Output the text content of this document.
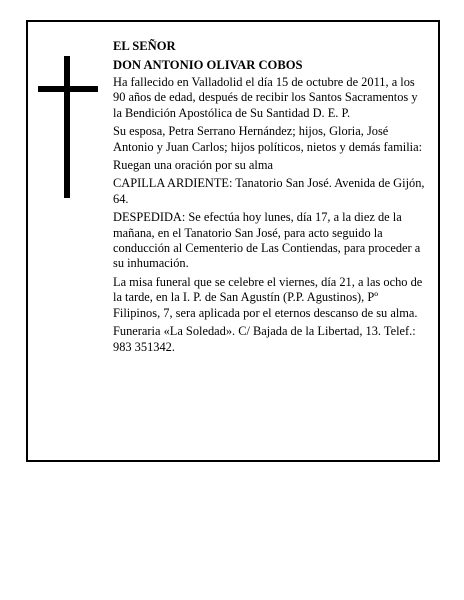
EL SEÑOR

DON ANTONIO OLIVAR COBOS

Ha fallecido en Valladolid el día 15 de octubre de 2011, a los 90 años de edad, después de recibir los Santos Sacramentos y la Bendición Apostólica de Su Santidad D. E. P.

Su esposa, Petra Serrano Hernández; hijos, Gloria, José Antonio y Juan Carlos; hijos políticos, nietos y demás familia:

Ruegan una oración por su alma

CAPILLA ARDIENTE: Tanatorio San José. Avenida de Gijón, 64.

DESPEDIDA: Se efectúa hoy lunes, día 17, a la diez de la mañana, en el Tanatorio San José, para acto seguido la conducción al Cementerio de Las Contiendas, para proceder a su inhumación.

La misa funeral que se celebre el viernes, día 21, a las ocho de la tarde, en la I. P. de San Agustín (P.P. Agustinos), Pº Filipinos, 7, sera aplicada por el eternos descanso de su alma.

Funeraria «La Soledad». C/ Bajada de la Libertad, 13. Telef.: 983 351342.
